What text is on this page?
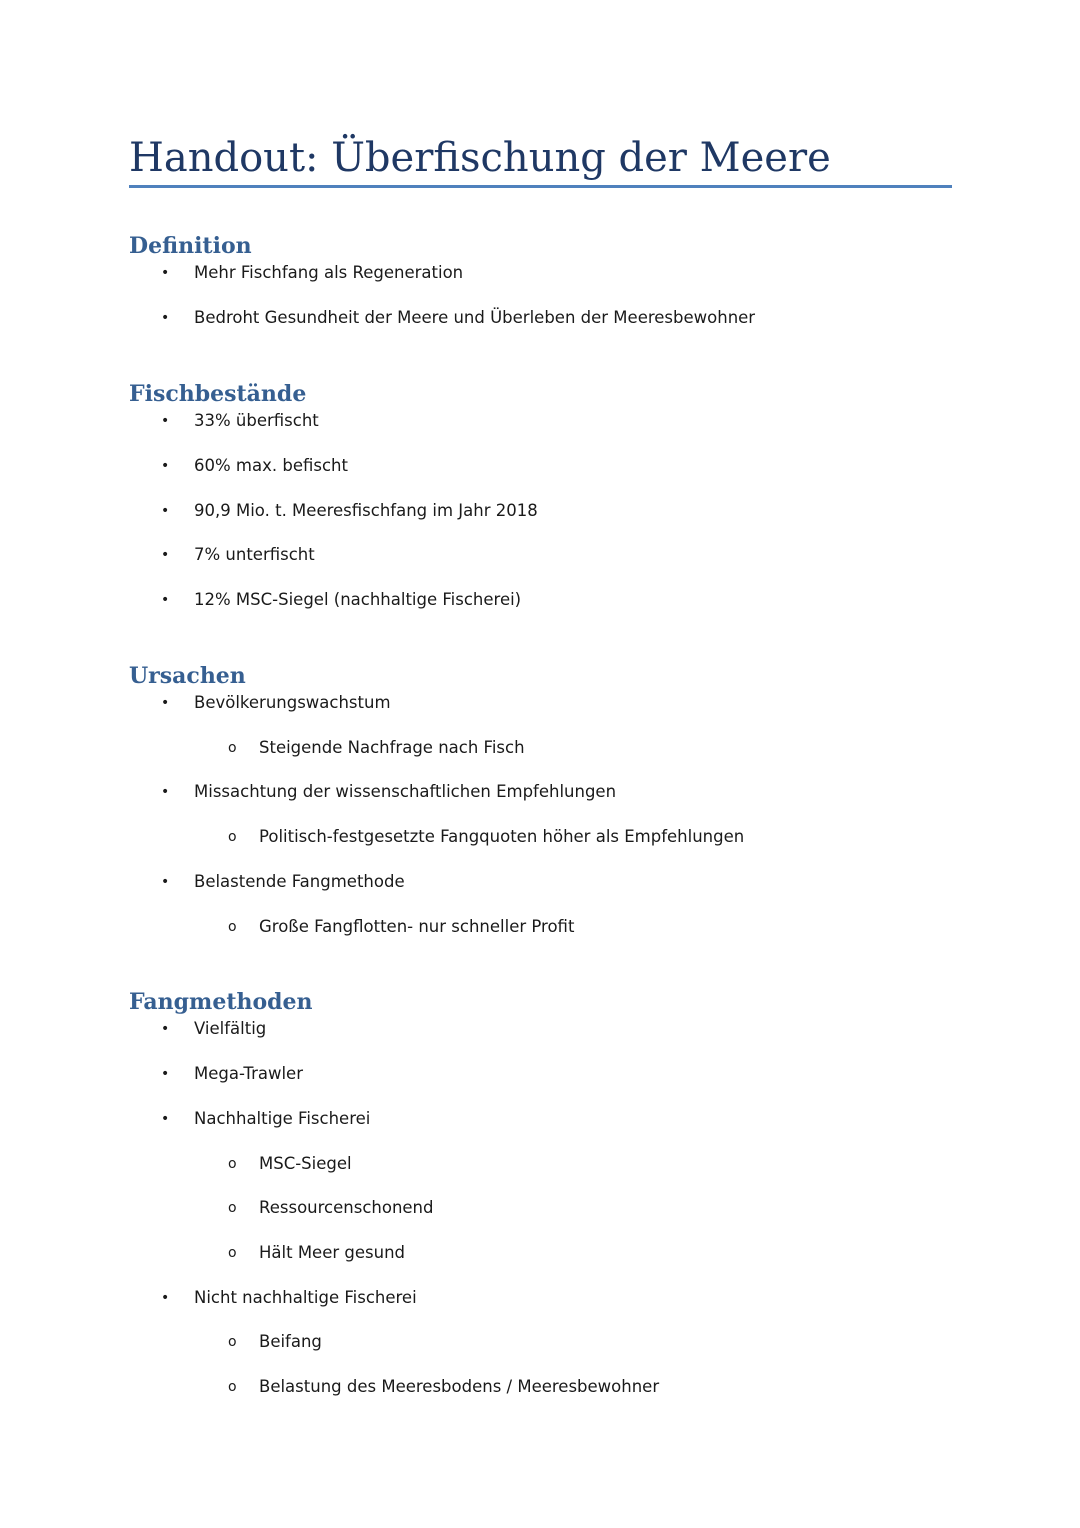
Handout: Überfischung der Meere
Definition
• Mehr Fischfang als Regeneration
• Bedroht Gesundheit der Meere und Überleben der Meeresbewohner
Fischbestände
• 33% überfischt
• 60% max. befischt
• 90,9 Mio. t. Meeresfischfang im Jahr 2018
• 7% unterfischt
• 12% MSC-Siegel (nachhaltige Fischerei)
Ursachen
• Bevölkerungswachstum
o Steigende Nachfrage nach Fisch
• Missachtung der wissenschaftlichen Empfehlungen
o Politisch-festgesetzte Fangquoten höher als Empfehlungen
• Belastende Fangmethode
o Große Fangflotten- nur schneller Profit
Fangmethoden
• Vielfältig
• Mega-Trawler
• Nachhaltige Fischerei
o MSC-Siegel
o Ressourcenschonend
o Hält Meer gesund
• Nicht nachhaltige Fischerei
o Beifang
o Belastung des Meeresbodens / Meeresbewohner
